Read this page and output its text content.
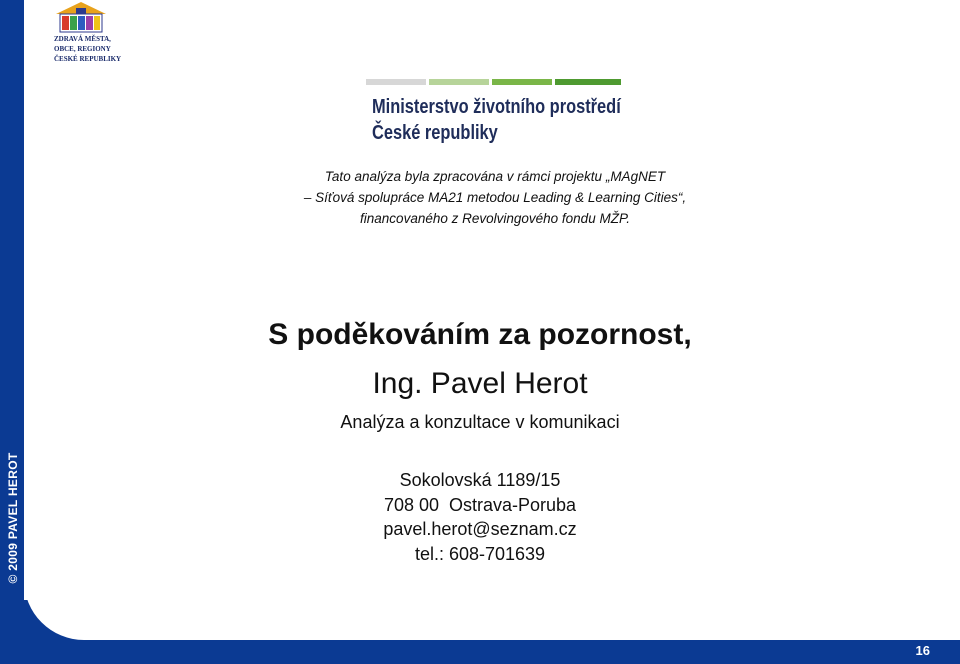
© 2009 PAVEL HEROT
16
ZDRAVÁ MĚSTA, OBCE, REGIONY
ČESKÉ REPUBLIKY
Ministerstvo životního prostředí
České republiky
Tato analýza byla zpracována v rámci projektu „MAgNET
– Síťová spolupráce MA21 metodou Leading & Learning Cities“,
financovaného z Revolvingového fondu MŽP.
S poděkováním za pozornost,
Ing. Pavel Herot
Analýza a konzultace v komunikaci
Sokolovská 1189/15
708 00  Ostrava-Poruba
pavel.herot@seznam.cz
tel.: 608-701639
